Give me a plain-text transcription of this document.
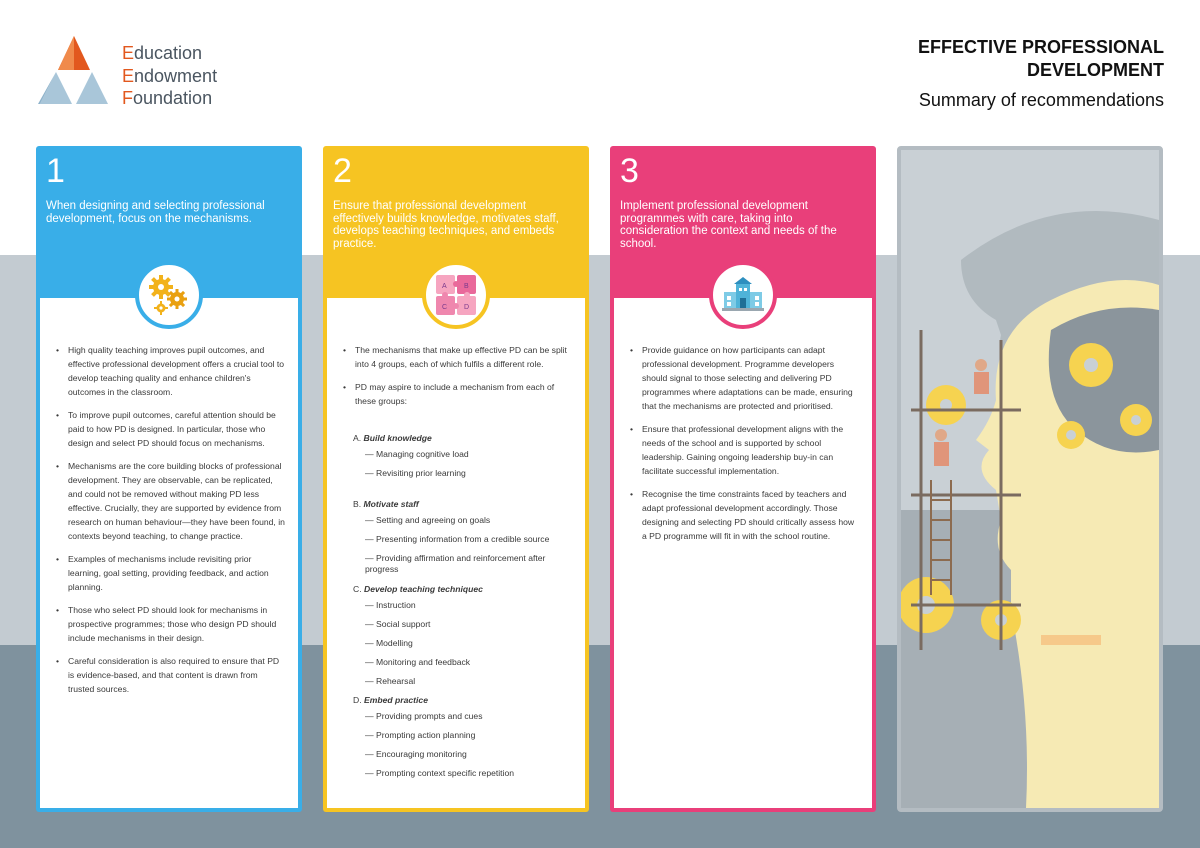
Education
Endowment
Foundation
EFFECTIVE PROFESSIONAL
DEVELOPMENT
Summary of recommendations
1
When designing and selecting professional development, focus on the mechanisms.
• High quality teaching improves pupil outcomes, and effective professional development offers a crucial tool to develop teaching quality and enhance children's outcomes in the classroom.
• To improve pupil outcomes, careful attention should be paid to how PD is designed. In particular, those who design and select PD should focus on mechanisms.
• Mechanisms are the core building blocks of professional development. They are observable, can be replicated, and could not be removed without making PD less effective. Crucially, they are supported by evidence from research on human behaviour—they have been found, in contexts beyond teaching, to change practice.
• Examples of mechanisms include revisiting prior learning, goal setting, providing feedback, and action planning.
• Those who select PD should look for mechanisms in prospective programmes; those who design PD should include mechanisms in their design.
• Careful consideration is also required to ensure that PD is evidence-based, and that content is drawn from trusted sources.
2
Ensure that professional development effectively builds knowledge, motivates staff, develops teaching techniques, and embeds practice.
• The mechanisms that make up effective PD can be split into 4 groups, each of which fulfils a different role.
• PD may aspire to include a mechanism from each of these groups:
A. Build knowledge
— Managing cognitive load
— Revisiting prior learning
B. Motivate staff
— Setting and agreeing on goals
— Presenting information from a credible source
— Providing affirmation and reinforcement after progress
C. Develop teaching techniquec
— Instruction
— Social support
— Modelling
— Monitoring and feedback
— Rehearsal
D. Embed practice
— Providing prompts and cues
— Prompting action planning
— Encouraging monitoring
— Prompting context specific repetition
A B
C D
3
Implement professional development programmes with care, taking into consideration the context and needs of the school.
• Provide guidance on how participants can adapt professional development. Programme developers should signal to those selecting and delivering PD programmes where adaptations can be made, ensuring that the mechanisms are protected and prioritised.
• Ensure that professional development aligns with the needs of the school and is supported by school leadership. Gaining ongoing leadership buy-in can facilitate successful implementation.
• Recognise the time constraints faced by teachers and adapt professional development accordingly. Those designing and selecting PD should critically assess how a PD programme will fit in with the school routine.
